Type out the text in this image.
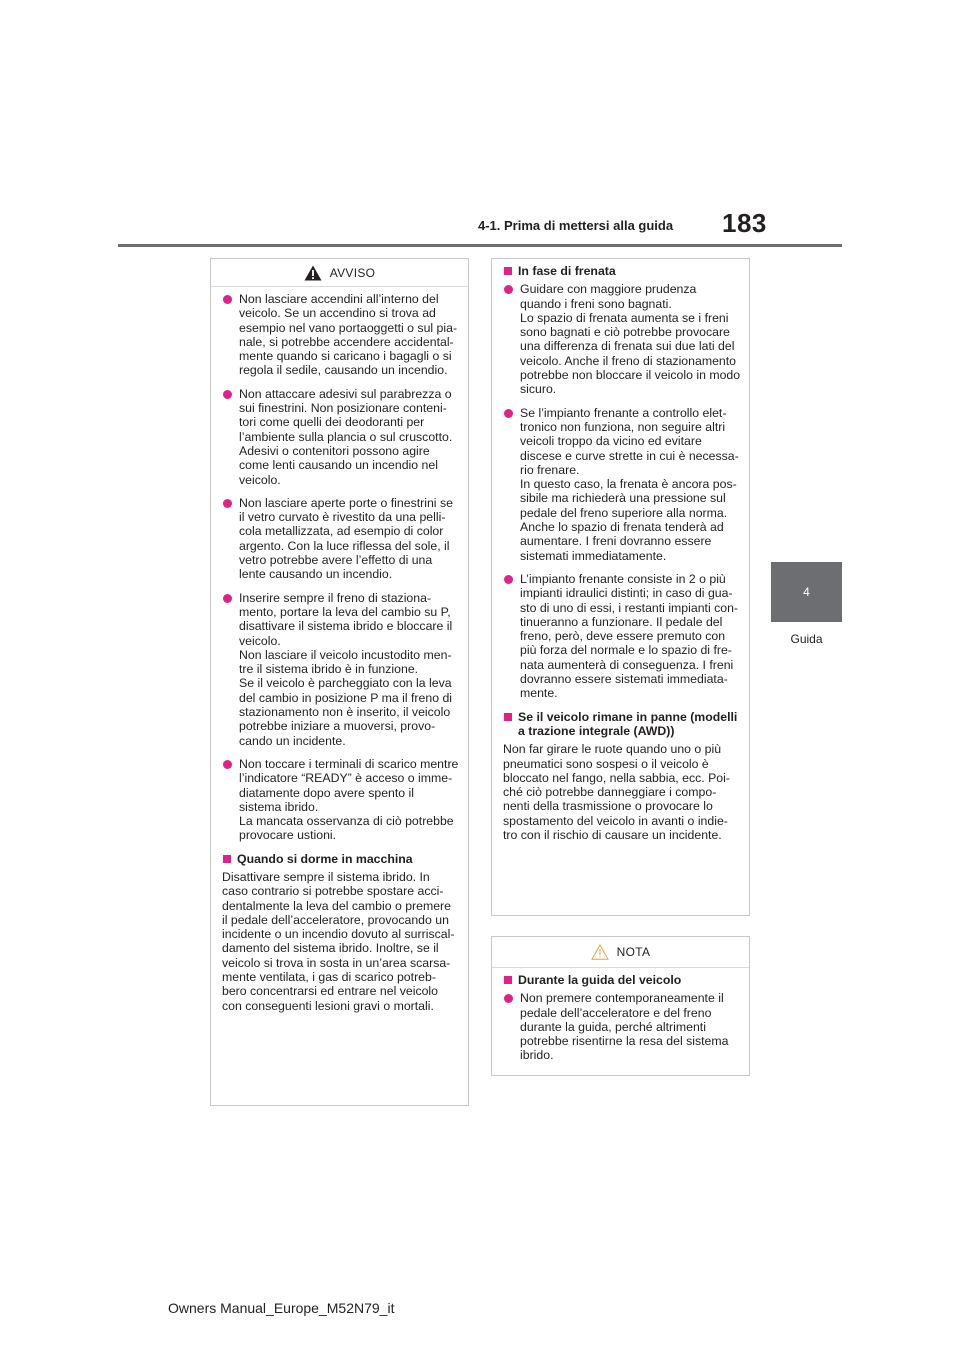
4-1. Prima di mettersi alla guida	183
4
Guida
AVVISO
Non lasciare accendini all’interno del
veicolo. Se un accendino si trova ad
esempio nel vano portaoggetti o sul pia-
nale, si potrebbe accendere accidental-
mente quando si caricano i bagagli o si
regola il sedile, causando un incendio.
Non attaccare adesivi sul parabrezza o
sui finestrini. Non posizionare conteni-
tori come quelli dei deodoranti per
l’ambiente sulla plancia o sul cruscotto.
Adesivi o contenitori possono agire
come lenti causando un incendio nel
veicolo.
Non lasciare aperte porte o finestrini se
il vetro curvato è rivestito da una pelli-
cola metallizzata, ad esempio di color
argento. Con la luce riflessa del sole, il
vetro potrebbe avere l’effetto di una
lente causando un incendio.
Inserire sempre il freno di staziona-
mento, portare la leva del cambio su P,
disattivare il sistema ibrido e bloccare il
veicolo.
Non lasciare il veicolo incustodito men-
tre il sistema ibrido è in funzione.
Se il veicolo è parcheggiato con la leva
del cambio in posizione P ma il freno di
stazionamento non è inserito, il veicolo
potrebbe iniziare a muoversi, provo-
cando un incidente.
Non toccare i terminali di scarico mentre
l’indicatore “READY” è acceso o imme-
diatamente dopo avere spento il
sistema ibrido.
La mancata osservanza di ciò potrebbe
provocare ustioni.
Quando si dorme in macchina
Disattivare sempre il sistema ibrido. In
caso contrario si potrebbe spostare acci-
dentalmente la leva del cambio o premere
il pedale dell’acceleratore, provocando un
incidente o un incendio dovuto al surriscal-
damento del sistema ibrido. Inoltre, se il
veicolo si trova in sosta in un’area scarsa-
mente ventilata, i gas di scarico potreb-
bero concentrarsi ed entrare nel veicolo
con conseguenti lesioni gravi o mortali.
In fase di frenata
Guidare con maggiore prudenza
quando i freni sono bagnati.
Lo spazio di frenata aumenta se i freni
sono bagnati e ciò potrebbe provocare
una differenza di frenata sui due lati del
veicolo. Anche il freno di stazionamento
potrebbe non bloccare il veicolo in modo
sicuro.
Se l’impianto frenante a controllo elet-
tronico non funziona, non seguire altri
veicoli troppo da vicino ed evitare
discese e curve strette in cui è necessa-
rio frenare.
In questo caso, la frenata è ancora pos-
sibile ma richiederà una pressione sul
pedale del freno superiore alla norma.
Anche lo spazio di frenata tenderà ad
aumentare. I freni dovranno essere
sistemati immediatamente.
L’impianto frenante consiste in 2 o più
impianti idraulici distinti; in caso di gua-
sto di uno di essi, i restanti impianti con-
tinueranno a funzionare. Il pedale del
freno, però, deve essere premuto con
più forza del normale e lo spazio di fre-
nata aumenterà di conseguenza. I freni
dovranno essere sistemati immediata-
mente.
Se il veicolo rimane in panne (modelli
a trazione integrale (AWD))
Non far girare le ruote quando uno o più
pneumatici sono sospesi o il veicolo è
bloccato nel fango, nella sabbia, ecc. Poi-
ché ciò potrebbe danneggiare i compo-
nenti della trasmissione o provocare lo
spostamento del veicolo in avanti o indie-
tro con il rischio di causare un incidente.
NOTA
Durante la guida del veicolo
Non premere contemporaneamente il
pedale dell’acceleratore e del freno
durante la guida, perché altrimenti
potrebbe risentirne la resa del sistema
ibrido.
Owners Manual_Europe_M52N79_it
